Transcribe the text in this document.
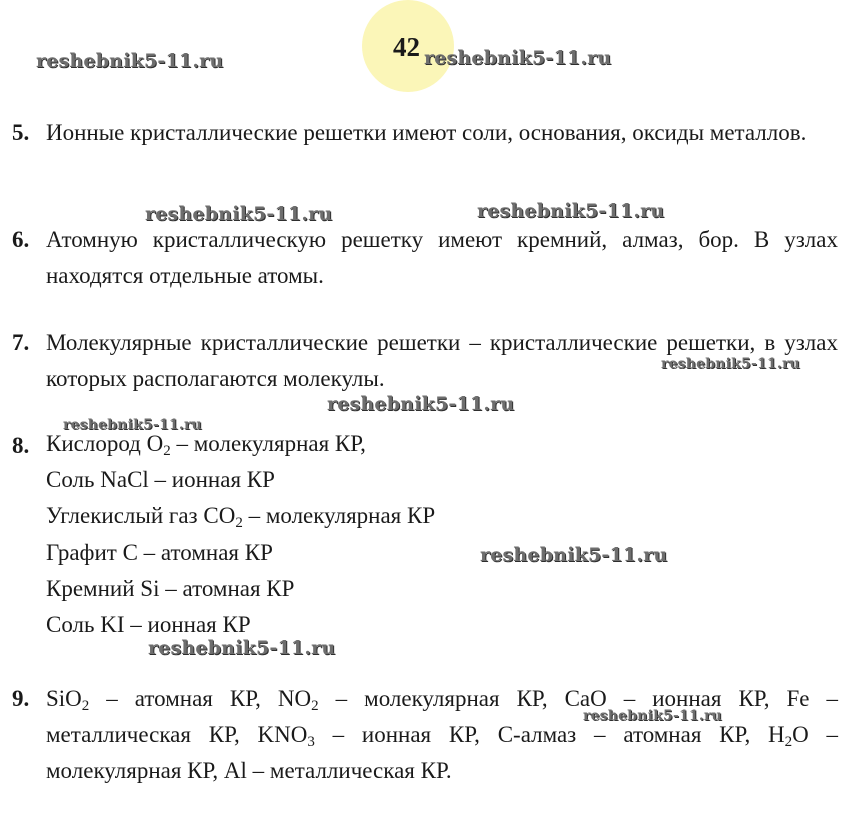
42
reshebnik5-11.ru	reshebnik5-11.ru
reshebnik5-11.ru	reshebnik5-11.ru
reshebnik5-11.ru
reshebnik5-11.ru
reshebnik5-11.ru
reshebnik5-11.ru
reshebnik5-11.ru
reshebnik5-11.ru
5. Ионные кристаллические решетки имеют соли, основания, оксиды металлов.
6. Атомную кристаллическую решетку имеют кремний, алмаз, бор. В узлах находятся отдельные атомы.
7. Молекулярные кристаллические решетки – кристаллические решетки, в узлах которых располагаются молекулы.
8. Кислород $O_2$ – молекулярная КР,
Соль NaCl – ионная КР
Углекислый газ $CO_2$ – молекулярная КР
Графит C – атомная КР
Кремний Si – атомная КР
Соль KI – ионная КР
9. SiO$_2$ – атомная КР, $NO_2$ – молекулярная КР, CaO – ионная КР, Fe – металлическая КР, $KNO_3$ – ионная КР, C-алмаз – атомная КР, $H_2O$ – молекулярная КР, Al – металлическая КР.
